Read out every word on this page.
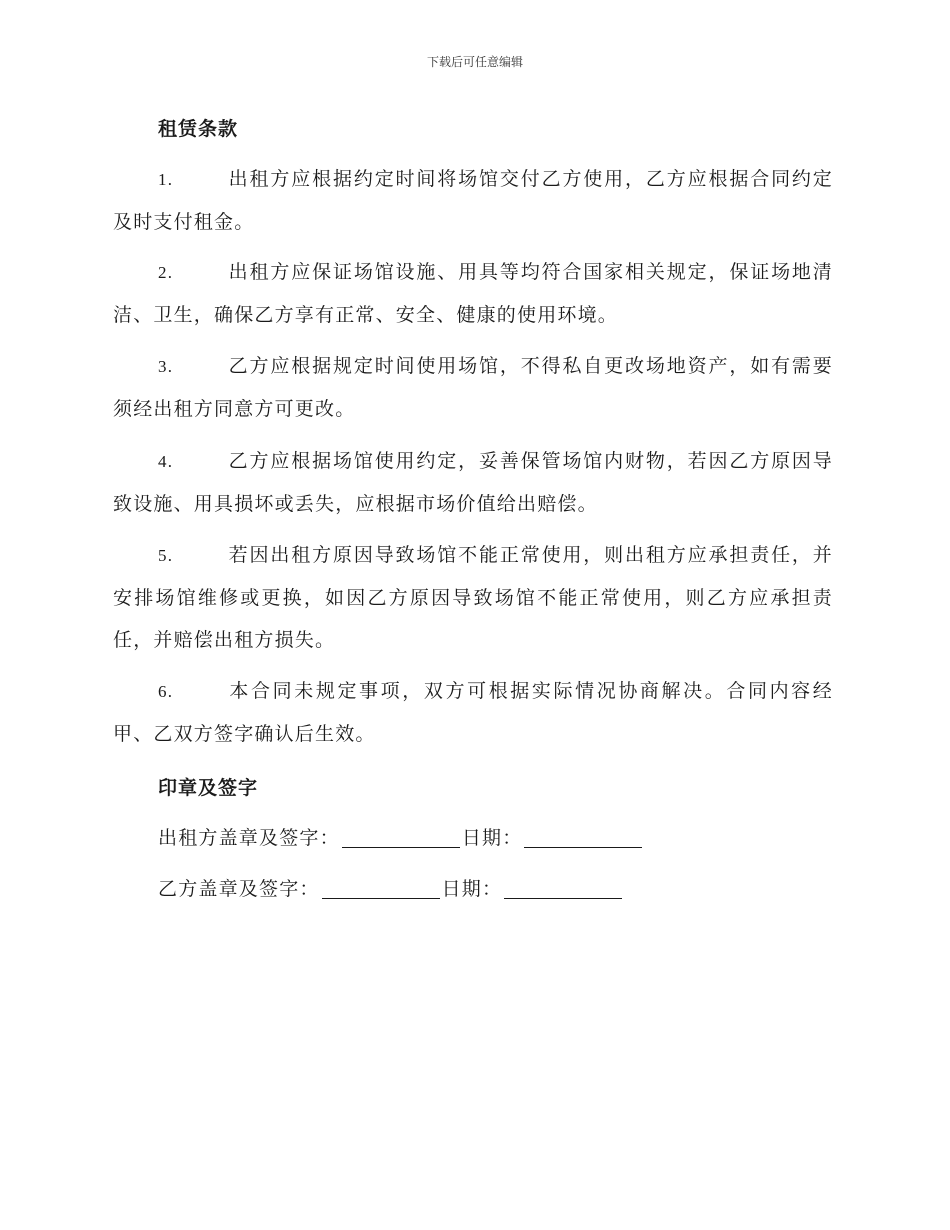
下载后可任意编辑
租赁条款
1.	出租方应根据约定时间将场馆交付乙方使用，乙方应根据合同约定及时支付租金。
2.	出租方应保证场馆设施、用具等均符合国家相关规定，保证场地清洁、卫生，确保乙方享有正常、安全、健康的使用环境。
3.	乙方应根据规定时间使用场馆，不得私自更改场地资产，如有需要须经出租方同意方可更改。
4.	乙方应根据场馆使用约定，妥善保管场馆内财物，若因乙方原因导致设施、用具损坏或丢失，应根据市场价值给出赔偿。
5.	若因出租方原因导致场馆不能正常使用，则出租方应承担责任，并安排场馆维修或更换，如因乙方原因导致场馆不能正常使用，则乙方应承担责任，并赔偿出租方损失。
6.	本合同未规定事项，双方可根据实际情况协商解决。合同内容经甲、乙双方签字确认后生效。
印章及签字
出租方盖章及签字：	日期：
乙方盖章及签字：	日期：
